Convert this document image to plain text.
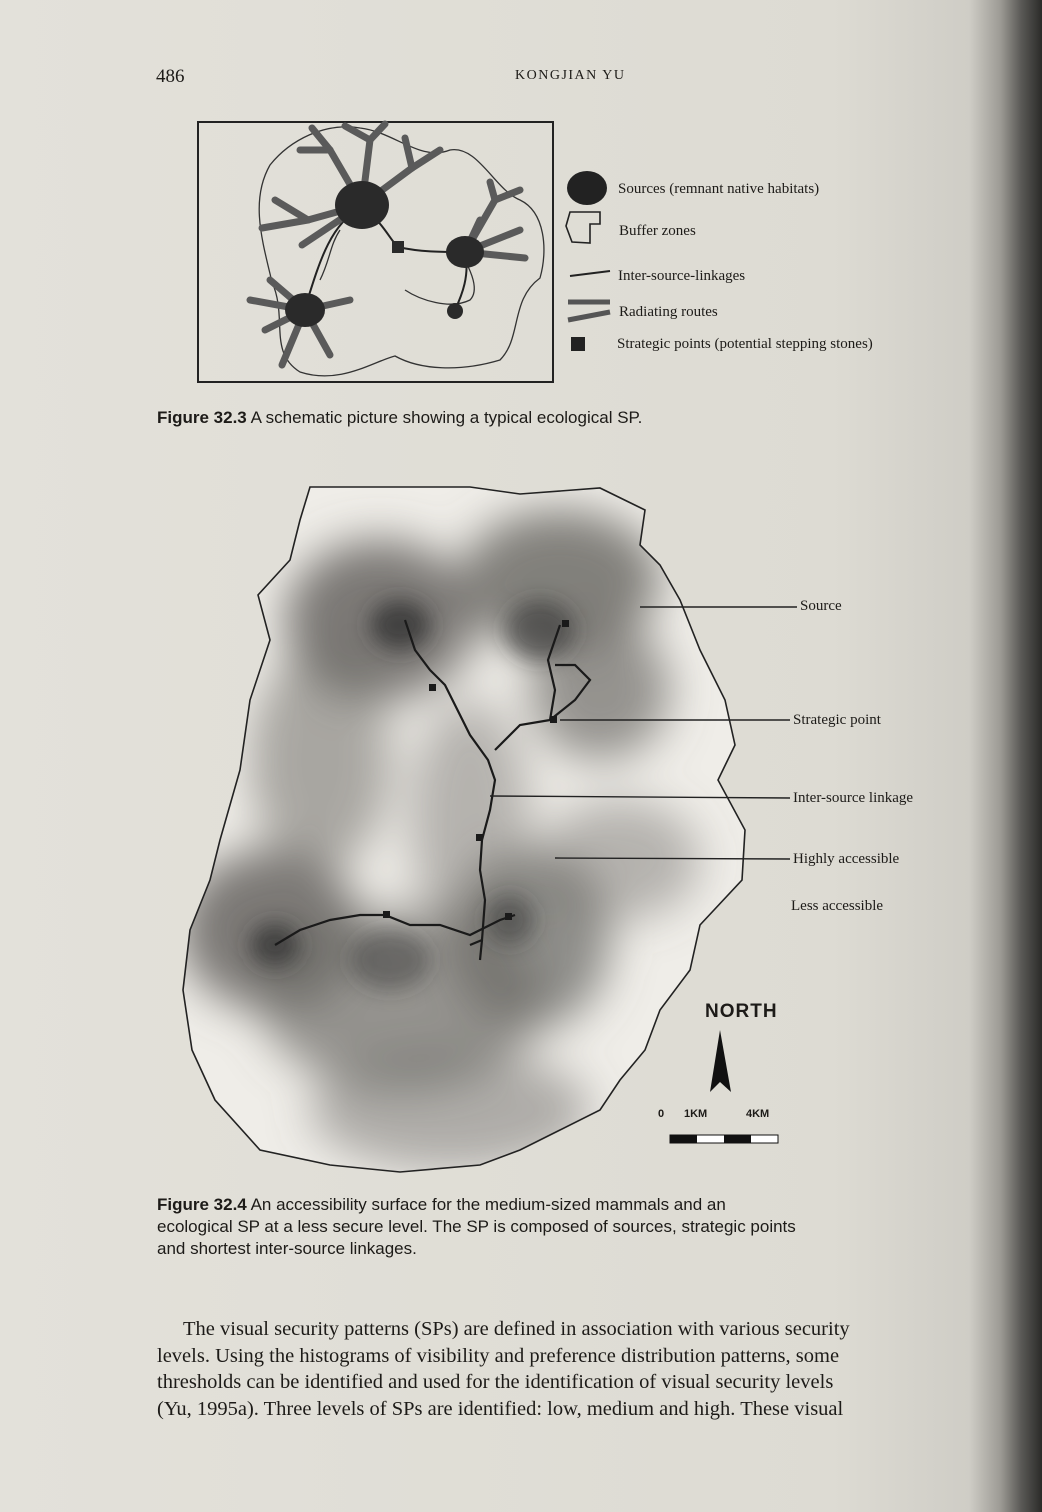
486	KONGJIAN YU
Sources (remnant native habitats)
Buffer zones
Inter-source-linkages
Radiating routes
Strategic points (potential stepping stones)
Figure 32.3 A schematic picture showing a typical ecological SP.
Source
Strategic point
Inter-source linkage
Highly accessible
Less accessible
NORTH
0 1KM	4KM
Figure 32.4 An accessibility surface for the medium-sized mammals and an
ecological SP at a less secure level. The SP is composed of sources, strategic points
and shortest inter-source linkages.
The visual security patterns (SPs) are defined in association with various security
levels. Using the histograms of visibility and preference distribution patterns, some
thresholds can be identified and used for the identification of visual security levels
(Yu, 1995a). Three levels of SPs are identified: low, medium and high. These visual
